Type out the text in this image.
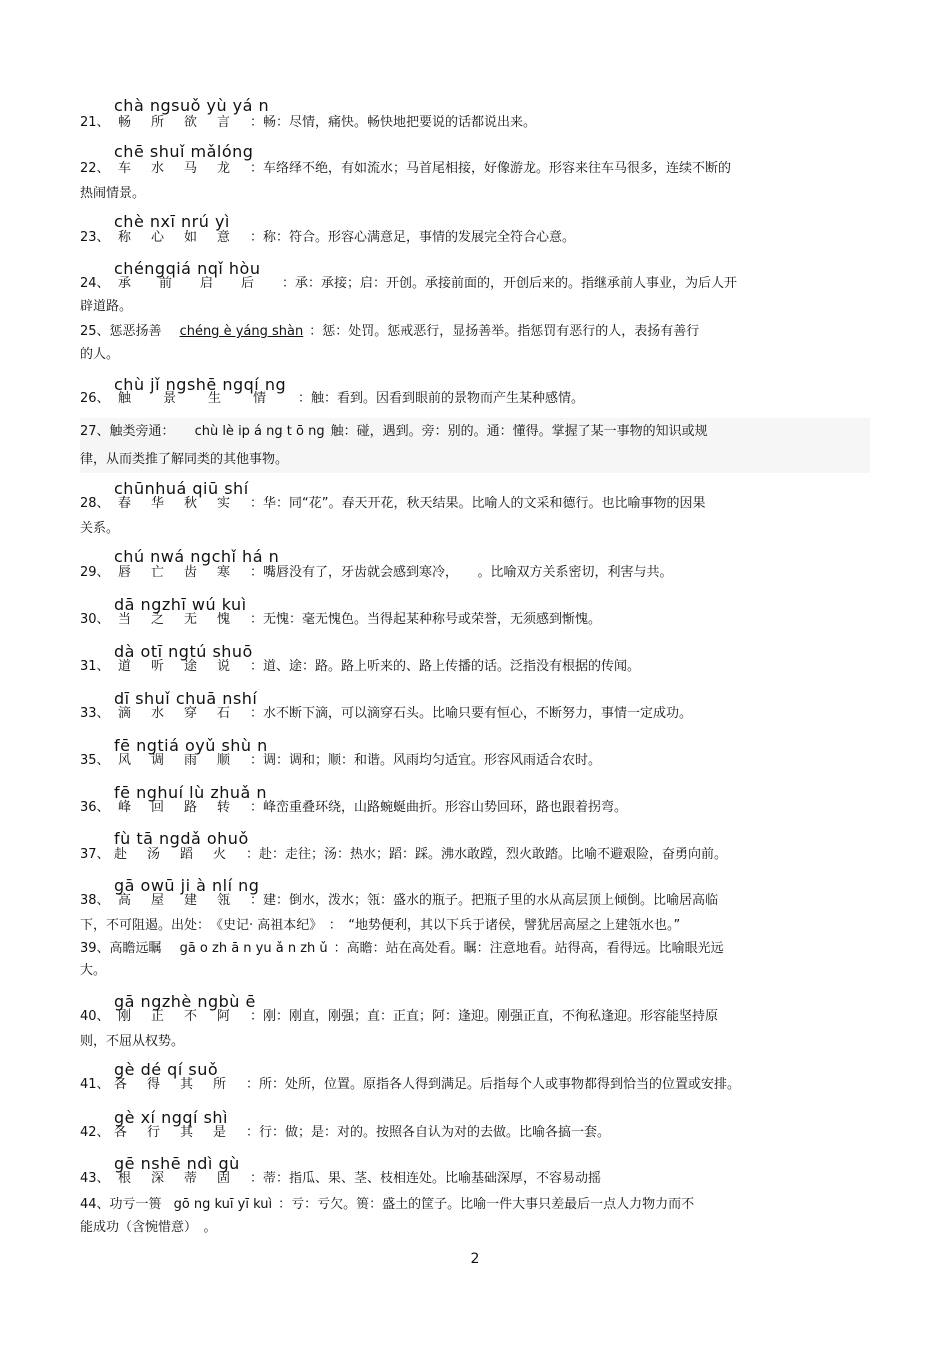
chà ngsuǒ yù yá n
21、 畅所欲言：畅：尽情，痛快。畅快地把要说的话都说出来。
chē shuǐ mǎlóng
22、 车水马龙：车络绎不绝，有如流水；马首尾相接，好像游龙。形容来往车马很多，连续不断的
热闹情景。
chè nxī nrú yì
23、 称心如意：称：符合。形容心满意足，事情的发展完全符合心意。
chéngqiá nqǐ hòu
24、 承前启后：承：承接；启：开创。承接前面的，开创后来的。指继承前人事业，为后人开
辟道路。
25、惩恶扬善 chéng è yáng shàn ：惩：处罚。惩戒恶行，显扬善举。指惩罚有恶行的人，表扬有善行
的人。
chù jǐ ngshē ngqí ng
26、 触景生情：触：看到。因看到眼前的景物而产生某种感情。
27、触类旁通： chù lè ip á ng t ō ng 触：碰，遇到。旁：别的。通：懂得。掌握了某一事物的知识或规
律，从而类推了解同类的其他事物。
chūnhuá qiū shí
28、 春华秋实：华：同“花”。春天开花，秋天结果。比喻人的文采和德行。也比喻事物的因果
关系。
chú nwá ngchǐ há n
29、 唇亡齿寒：嘴唇没有了，牙齿就会感到寒冷，　　。比喻双方关系密切，利害与共。
dā ngzhī wú kuì
30、 当之无愧：无愧：毫无愧色。当得起某种称号或荣誉，无须感到惭愧。
dà otī ngtú shuō
31、 道听途说：道、途：路。路上听来的、路上传播的话。泛指没有根据的传闻。
dī shuǐ chuā nshí
33、 滴水穿石：水不断下滴，可以滴穿石头。比喻只要有恒心，不断努力，事情一定成功。
fē ngtiá oyǔ shù n
35、 风调雨顺：调：调和；顺：和谐。风雨均匀适宜。形容风雨适合农时。
fē nghuí lù zhuǎ n
36、 峰回路转：峰峦重叠环绕，山路蜿蜒曲折。形容山势回环，路也跟着拐弯。
fù tā ngdǎ ohuǒ
37、 赴汤蹈火：赴：走往；汤：热水；蹈：踩。沸水敢蹚，烈火敢踏。比喻不避艰险，奋勇向前。
gā owū ji à nlí ng
38、 高屋建瓴：建：倒水，泼水；瓴：盛水的瓶子。把瓶子里的水从高层顶上倾倒。比喻居高临
下，不可阻遏。出处：　《史记· 高祖本纪》　：　“地势便利，其以下兵于诸侯，譬犹居高屋之上建瓴水也。”
39、高瞻远瞩 gā o zh ā n yu ǎ n zh ǔ ：高瞻：站在高处看。瞩：注意地看。站得高，看得远。比喻眼光远
大。
gā ngzhè ngbù ē
40、 刚正不阿：刚：刚直，刚强；直：正直；阿：逢迎。刚强正直，不徇私逢迎。形容能坚持原
则，不屈从权势。
gè dé qí suǒ
41、 各得其所：所：处所，位置。原指各人得到满足。后指每个人或事物都得到恰当的位置或安排。
gè xí ngqí shì
42、 各行其是：行：做；是：对的。按照各自认为对的去做。比喻各搞一套。
gē nshē ndì gù
43、 根深蒂固：蒂：指瓜、果、茎、枝相连处。比喻基础深厚，不容易动摇
44、功亏一篑 gō ng kuī yī kuì ：亏：亏欠。篑：盛土的筐子。比喻一件大事只差最后一点人力物力而不
能成功（含惋惜意）　。
2
